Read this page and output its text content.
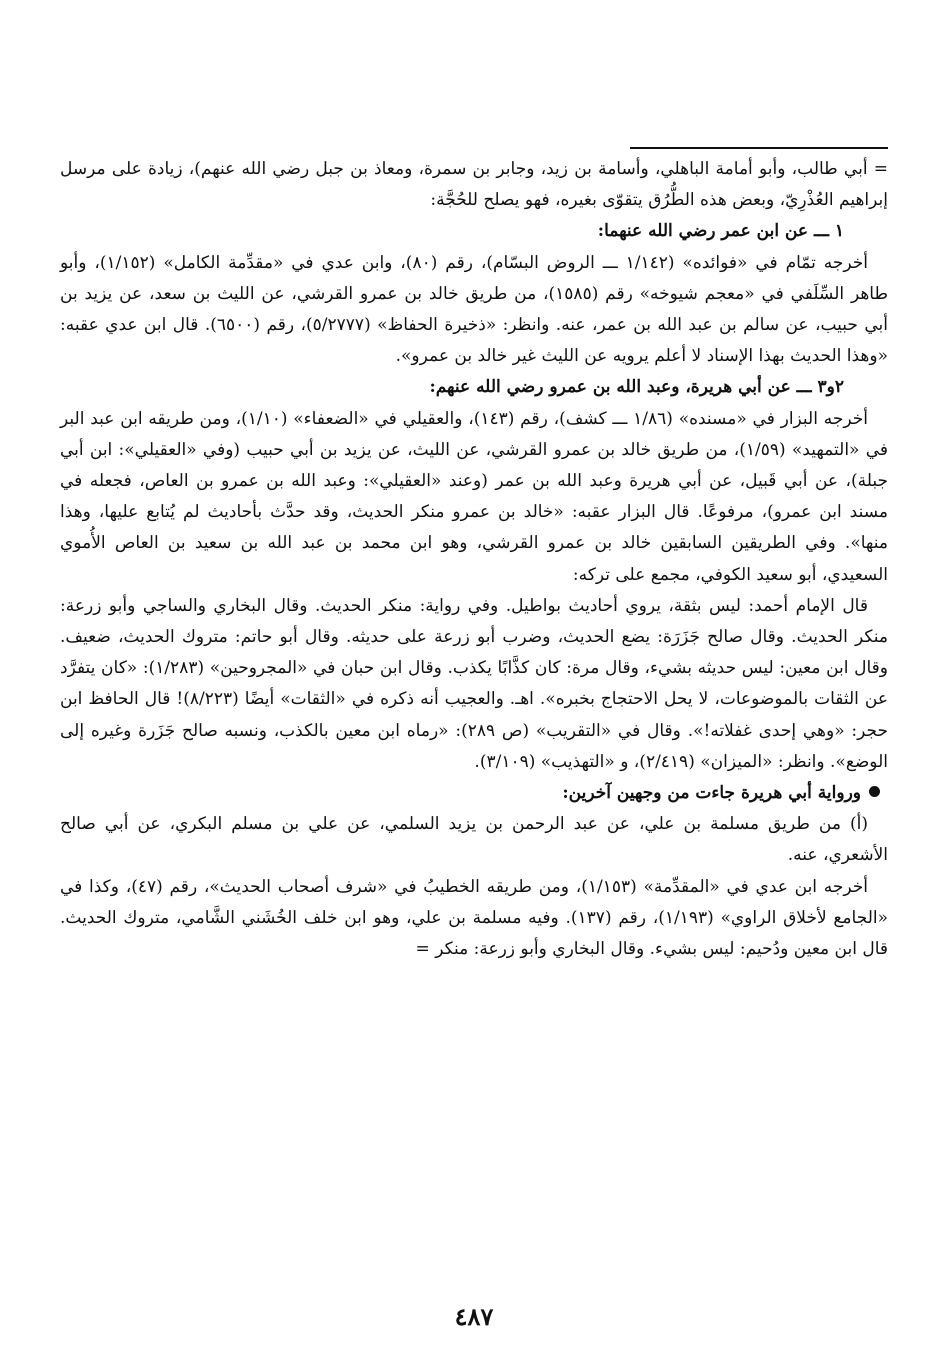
= أبي طالب، وأبو أمامة الباهلي، وأسامة بن زيد، وجابر بن سمرة، ومعاذ بن جبل رضي الله عنهم)، زيادة على مرسل إبراهيم العُذْرِيّ، وبعض هذه الطُّرُق يتقوّى بغيره، فهو يصلح للحُجَّة:

١ ـــ عن ابن عمر رضي الله عنهما:

أخرجه تمّام في «فوائده» (١/١٤٢ ـــ الروض البسّام)، رقم (٨٠)، وابن عدي في «مقدِّمة الكامل» (١/١٥٢)، وأبو طاهر السِّلَفي في «معجم شيوخه» رقم (١٥٨٥)، من طريق خالد بن عمرو القرشي، عن الليث بن سعد، عن يزيد بن أبي حبيب، عن سالم بن عبد الله بن عمر، عنه. وانظر: «ذخيرة الحفاظ» (٥/٢٧٧٧)، رقم (٦٥٠٠). قال ابن عدي عقبه: «وهذا الحديث بهذا الإسناد لا أعلم يرويه عن الليث غير خالد بن عمرو».

٢و٣ ـــ عن أبي هريرة، وعبد الله بن عمرو رضي الله عنهم:

أخرجه البزار في «مسنده» (١/٨٦ ـــ كشف)، رقم (١٤٣)، والعقيلي في «الضعفاء» (١/١٠)، ومن طريقه ابن عبد البر في «التمهيد» (١/٥٩)، من طريق خالد بن عمرو القرشي، عن الليث، عن يزيد بن أبي حبيب (وفي «العقيلي»: ابن أبي جبلة)، عن أبي قَبيل، عن أبي هريرة وعبد الله بن عمر (وعند «العقيلي»: وعبد الله بن عمرو بن العاص، فجعله في مسند ابن عمرو)، مرفوعًا. قال البزار عقبه: «خالد بن عمرو منكر الحديث، وقد حدَّث بأحاديث لم يُتابع عليها، وهذا منها». وفي الطريقين السابقين خالد بن عمرو القرشي، وهو ابن محمد بن عبد الله بن سعيد بن العاص الأُموي السعيدي، أبو سعيد الكوفي، مجمع على تركه:

قال الإمام أحمد: ليس بثقة، يروي أحاديث بواطيل. وفي رواية: منكر الحديث. وقال البخاري والساجي وأبو زرعة: منكر الحديث. وقال صالح جَزَرَة: يضع الحديث، وضرب أبو زرعة على حديثه. وقال أبو حاتم: متروك الحديث، ضعيف. وقال ابن معين: ليس حديثه بشيء، وقال مرة: كان كذَّابًا يكذب. وقال ابن حبان في «المجروحين» (١/٢٨٣): «كان يتفرَّد عن الثقات بالموضوعات، لا يحل الاحتجاج بخبره». اهـ. والعجيب أنه ذكره في «الثقات» أيضًا (٨/٢٢٣)! قال الحافظ ابن حجر: «وهي إحدى غفلاته!». وقال في «التقريب» (ص ٢٨٩): «رماه ابن معين بالكذب، ونسبه صالح جَزَرة وغيره إلى الوضع». وانظر: «الميزان» (٢/٤١٩)، و «التهذيب» (٣/١٠٩).

ورواية أبي هريرة جاءت من وجهين آخرين:

(أ) من طريق مسلمة بن علي، عن عبد الرحمن بن يزيد السلمي، عن علي بن مسلم البكري، عن أبي صالح الأشعري، عنه.

أخرجه ابن عدي في «المقدِّمة» (١/١٥٣)، ومن طريقه الخطيبُ في «شرف أصحاب الحديث»، رقم (٤٧)، وكذا في «الجامع لأخلاق الراوي» (١/١٩٣)، رقم (١٣٧). وفيه مسلمة بن علي، وهو ابن خلف الخُشَني الشَّامي، متروك الحديث. قال ابن معين ودُحيم: ليس بشيء. وقال البخاري وأبو زرعة: منكر =

٤٨٧
